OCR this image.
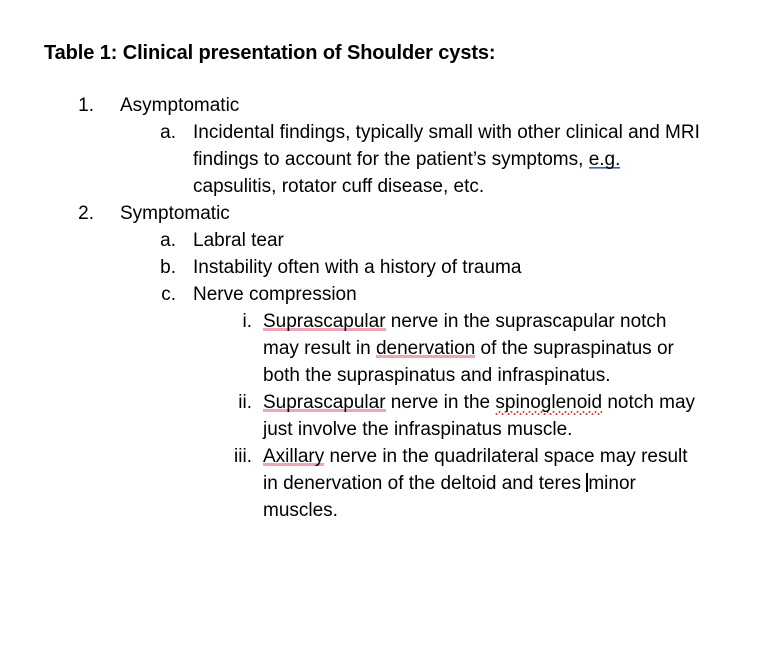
Table 1: Clinical presentation of Shoulder cysts:
1. Asymptomatic
a. Incidental findings, typically small with other clinical and MRI findings to account for the patient’s symptoms, e.g. capsulitis, rotator cuff disease, etc.
2. Symptomatic
a. Labral tear
b. Instability often with a history of trauma
c. Nerve compression
i. Suprascapular nerve in the suprascapular notch may result in denervation of the supraspinatus or both the supraspinatus and infraspinatus.
ii. Suprascapular nerve in the spinoglenoid notch may just involve the infraspinatus muscle.
iii. Axillary nerve in the quadrilateral space may result in denervation of the deltoid and teres minor muscles.
